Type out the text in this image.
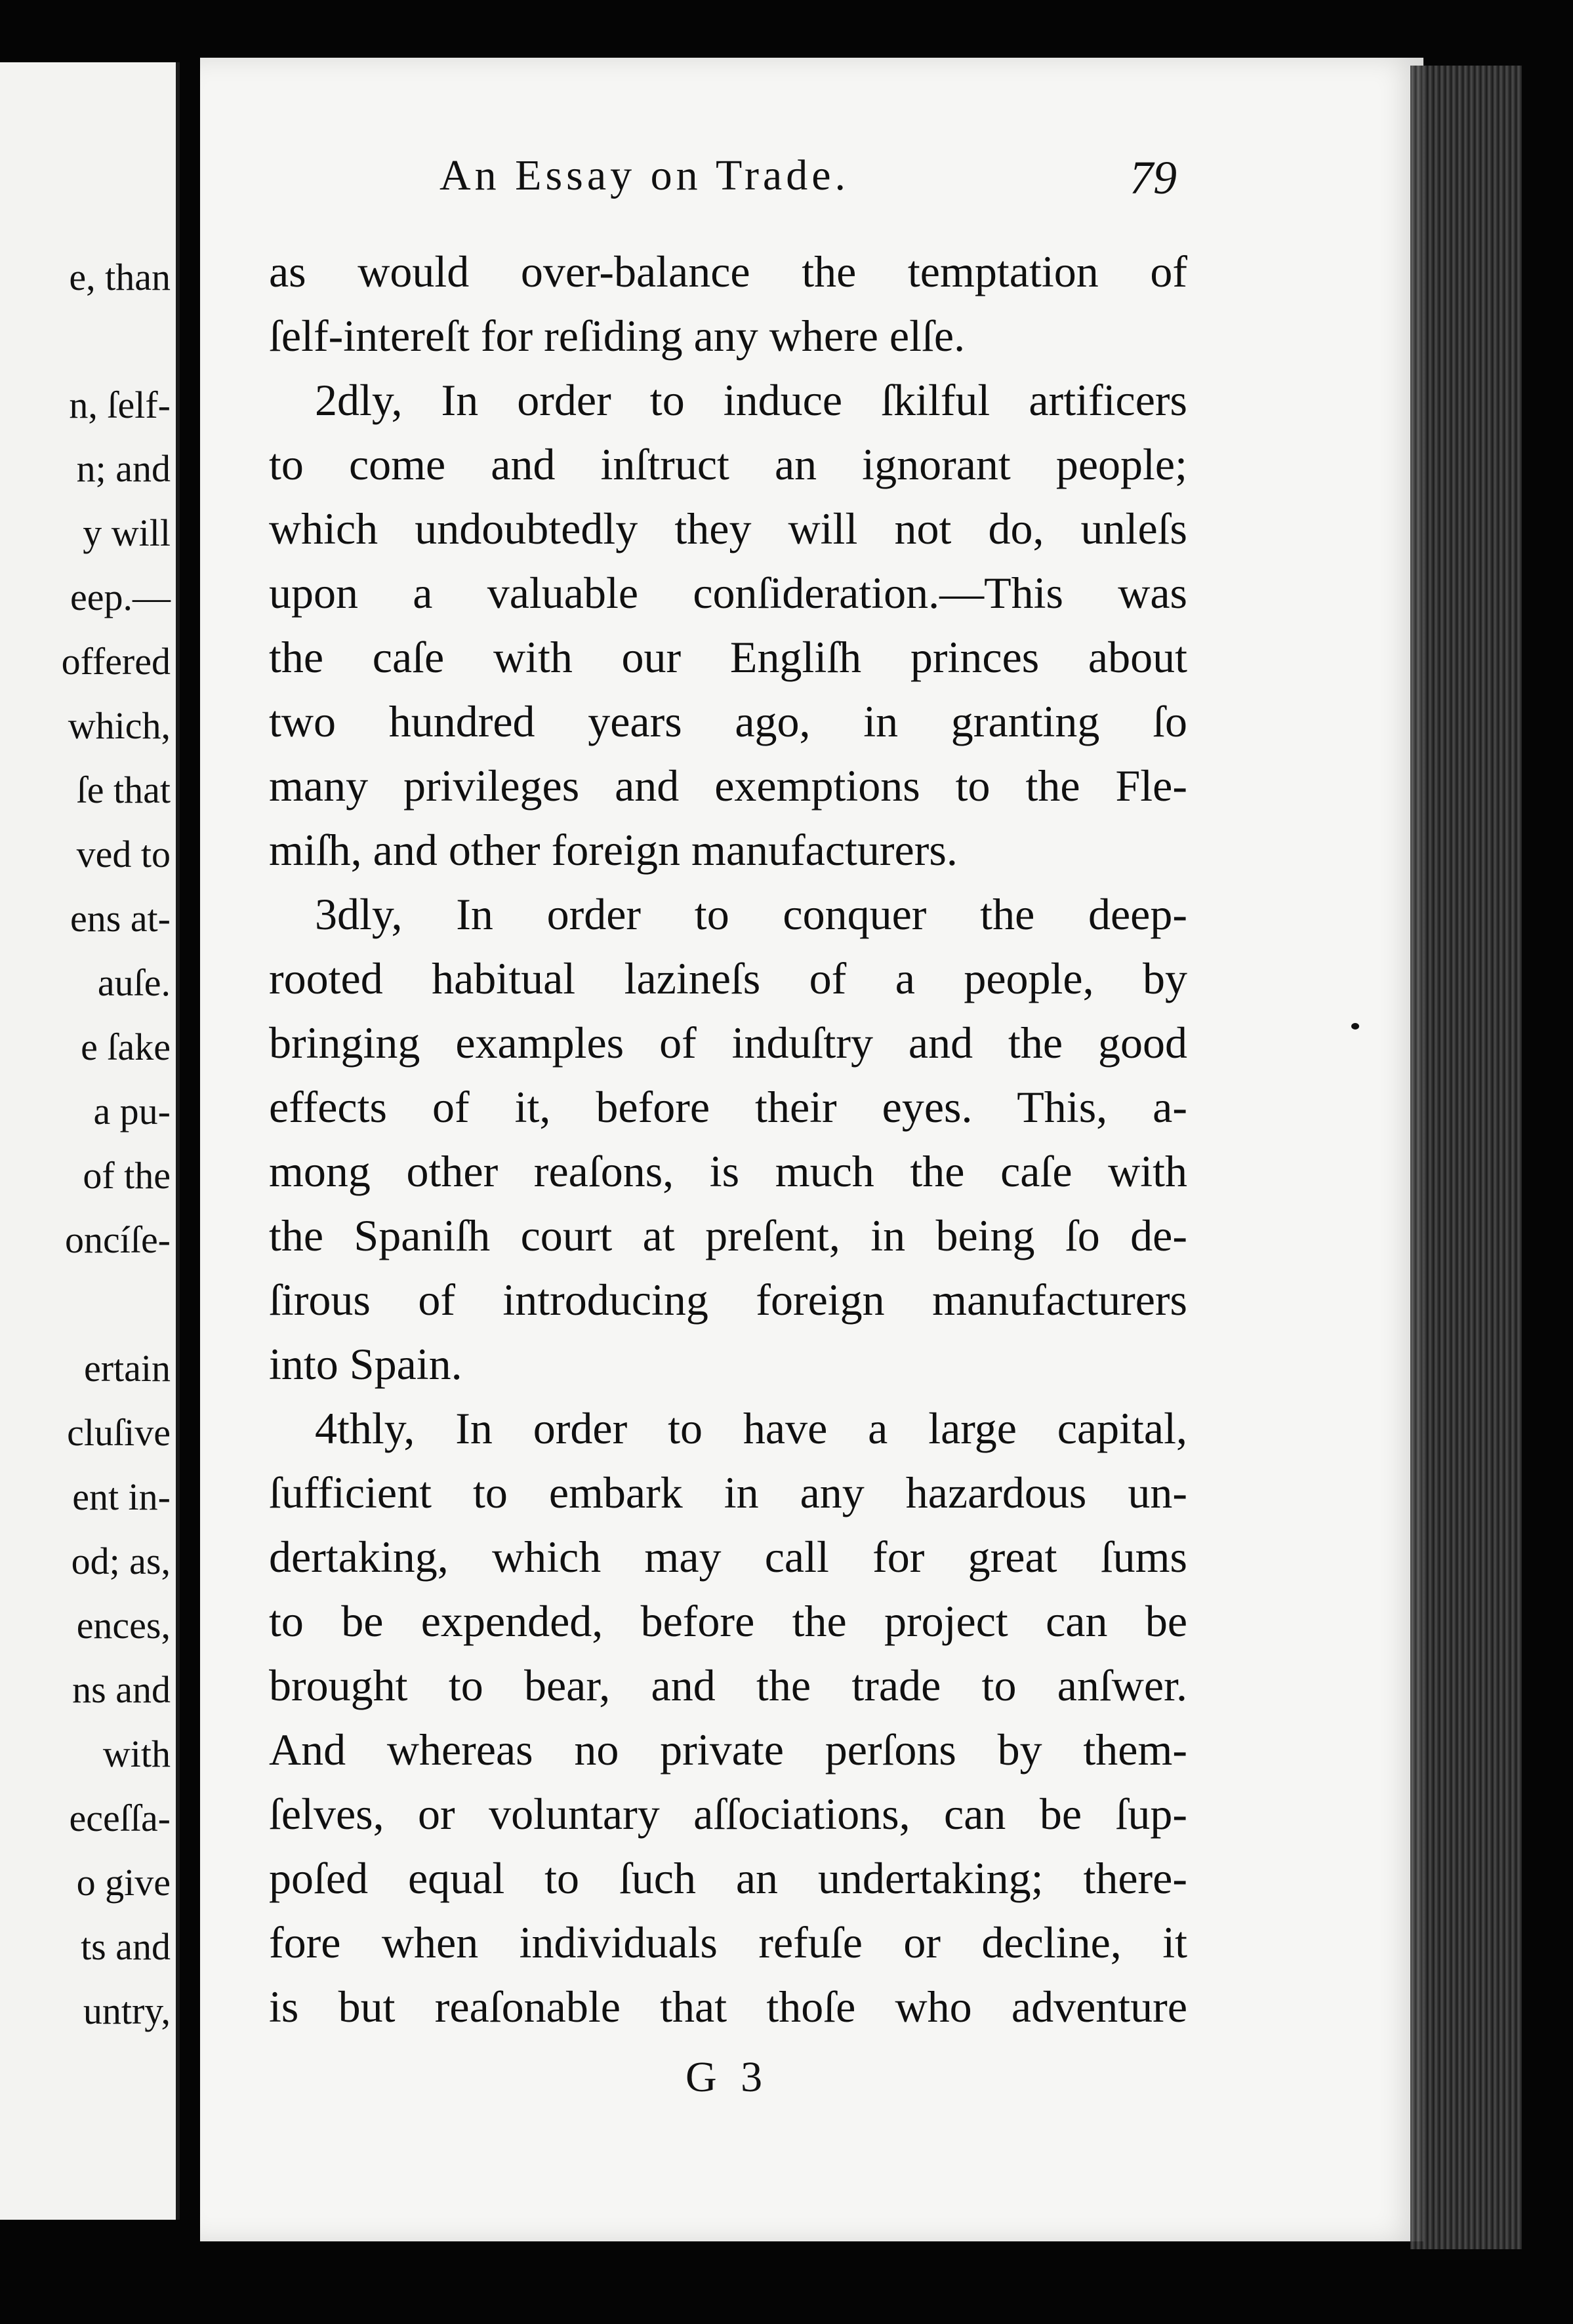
e, than
n, ſelf-
n; and
y will
eep.—
offered
which,
ſe that
ved to
ens at-
auſe.
e ſake
a pu-
of the
oncíſe-
ertain
cluſive
ent in-
od; as,
ences,
ns and
with
eceſſa-
o give
ts and
untry,
An Essay on Trade.	79
as would over-balance the temptation of
ſelf-intereſt for reſiding any where elſe.
2dly, In order to induce ſkilful artificers
to come and inſtruct an ignorant people;
which undoubtedly they will not do, unleſs
upon a valuable conſideration.—This was
the caſe with our Engliſh princes about
two hundred years ago, in granting ſo
many privileges and exemptions to the Fle-
miſh, and other foreign manufacturers.
3dly, In order to conquer the deep-
rooted habitual lazineſs of a people, by
bringing examples of induſtry and the good
effects of it, before their eyes. This, a-
mong other reaſons, is much the caſe with
the Spaniſh court at preſent, in being ſo de-
ſirous of introducing foreign manufacturers
into Spain.
4thly, In order to have a large capital,
ſufficient to embark in any hazardous un-
dertaking, which may call for great ſums
to be expended, before the project can be
brought to bear, and the trade to anſwer.
And whereas no private perſons by them-
ſelves, or voluntary aſſociations, can be ſup-
poſed equal to ſuch an undertaking; there-
fore when individuals refuſe or decline, it
is but reaſonable that thoſe who adventure
G 3
